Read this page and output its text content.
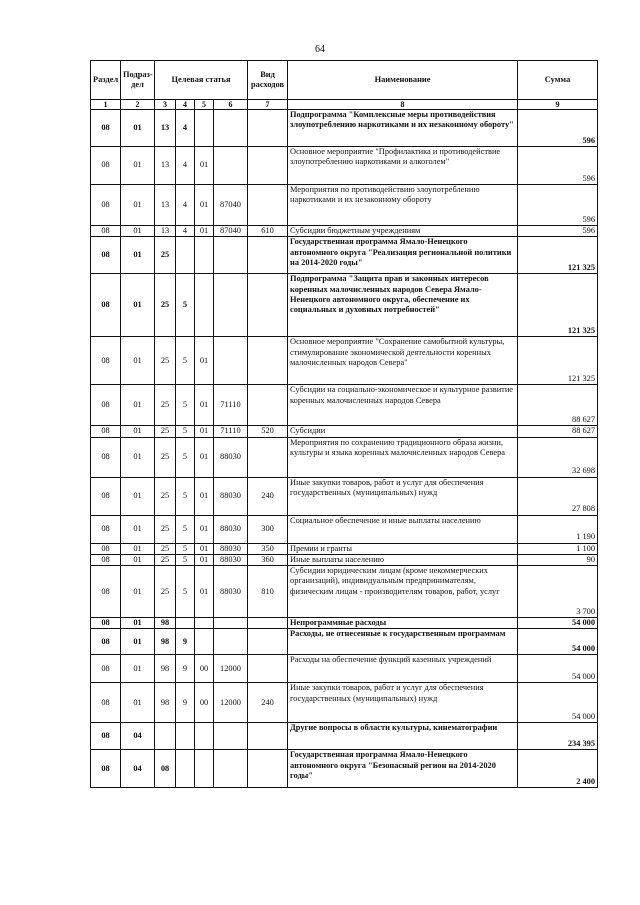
64
Раздел	Подраз-дел	Целевая статья				Вид расходов	Наименование	Сумма
1	2	3	4	5	6	7	8	9
08	01	13	4				Подпрограмма "Комплексные меры противодействия злоупотреблению наркотиками и их незаконному обороту"	596
08	01	13	4	01			Основное мероприятие "Профилактика и противодействие злоупотреблению наркотиками и алкоголем"	596
08	01	13	4	01	87040		Мероприятия по противодействию злоупотреблению наркотиками и их незаконному обороту	596
08	01	13	4	01	87040	610	Субсидии бюджетным учреждениям	596
08	01	25					Государственная программа Ямало-Ненецкого автономного округа "Реализация региональной политики на 2014-2020 годы"	121 325
08	01	25	5				Подпрограмма "Защита прав и законных интересов коренных малочисленных народов Севера Ямало-Ненецкого автономного округа, обеспечение их социальных и духовных потребностей"	121 325
08	01	25	5	01			Основное мероприятие "Сохранение самобытной культуры, стимулирование экономической деятельности коренных малочисленных народов Севера"	121 325
08	01	25	5	01	71110		Субсидии на социально-экономическое и культурное развитие коренных малочисленных народов Севера	88 627
08	01	25	5	01	71110	520	Субсидии	88 627
08	01	25	5	01	88030		Мероприятия по сохранению традиционного образа жизни, культуры и языка коренных малочисленных народов Севера	32 698
08	01	25	5	01	88030	240	Иные закупки товаров, работ и услуг для обеспечения государственных (муниципальных) нужд	27 808
08	01	25	5	01	88030	300	Социальное обеспечение и иные выплаты населению	1 190
08	01	25	5	01	88030	350	Премии и гранты	1 100
08	01	25	5	01	88030	360	Иные выплаты населению	90
08	01	25	5	01	88030	810	Субсидии юридическим лицам (кроме некоммерческих организаций), индивидуальным предпринимателям, физическим лицам - производителям товаров, работ, услуг	3 700
08	01	98					Непрограммные расходы	54 000
08	01	98	9				Расходы, не отнесенные к государственным программам	54 000
08	01	98	9	00	12000		Расходы на обеспечение функций казенных учреждений	54 000
08	01	98	9	00	12000	240	Иные закупки товаров, работ и услуг для обеспечения государственных (муниципальных) нужд	54 000
08	04						Другие вопросы в области культуры, кинематографии	234 395
08	04	08					Государственная программа Ямало-Ненецкого автономного округа "Безопасный регион на 2014-2020 годы"	2 400
